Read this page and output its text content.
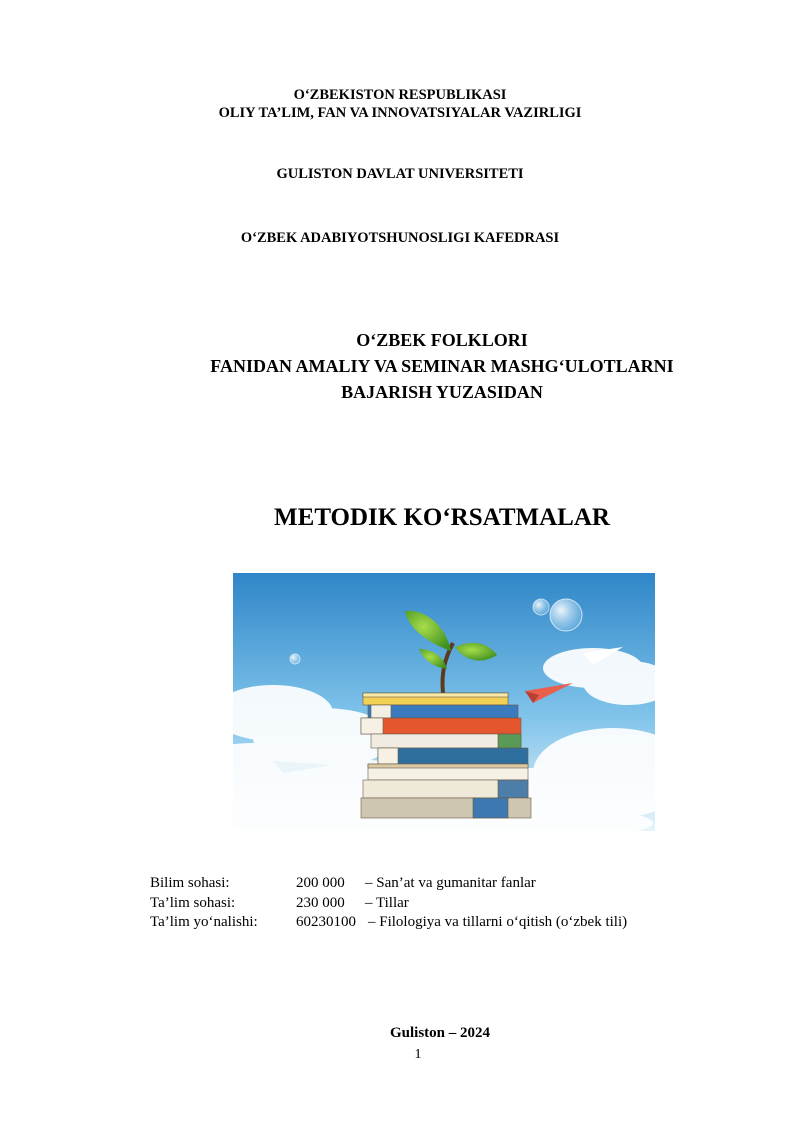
O‘ZBEKISTON RESPUBLIKASI
OLIY TA’LIM, FAN VA INNOVATSIYALAR VAZIRLIGI
GULISTON DAVLAT UNIVERSITETI
O‘ZBEK ADABIYOTSHUNOSLIGI KAFEDRASI
O‘ZBEK FOLKLORI
FANIDAN AMALIY VA SEMINAR MASHG‘ULOTLARNI
BAJARISH YUZASIDAN
METODIK KO‘RSATMALAR
Bilim sohasi:	200 000 – San’at va gumanitar fanlar
Ta’lim sohasi:	230 000 – Tillar
Ta’lim yo‘nalishi:	60230100 – Filologiya va tillarni o‘qitish (o‘zbek tili)
Guliston – 2024
1
